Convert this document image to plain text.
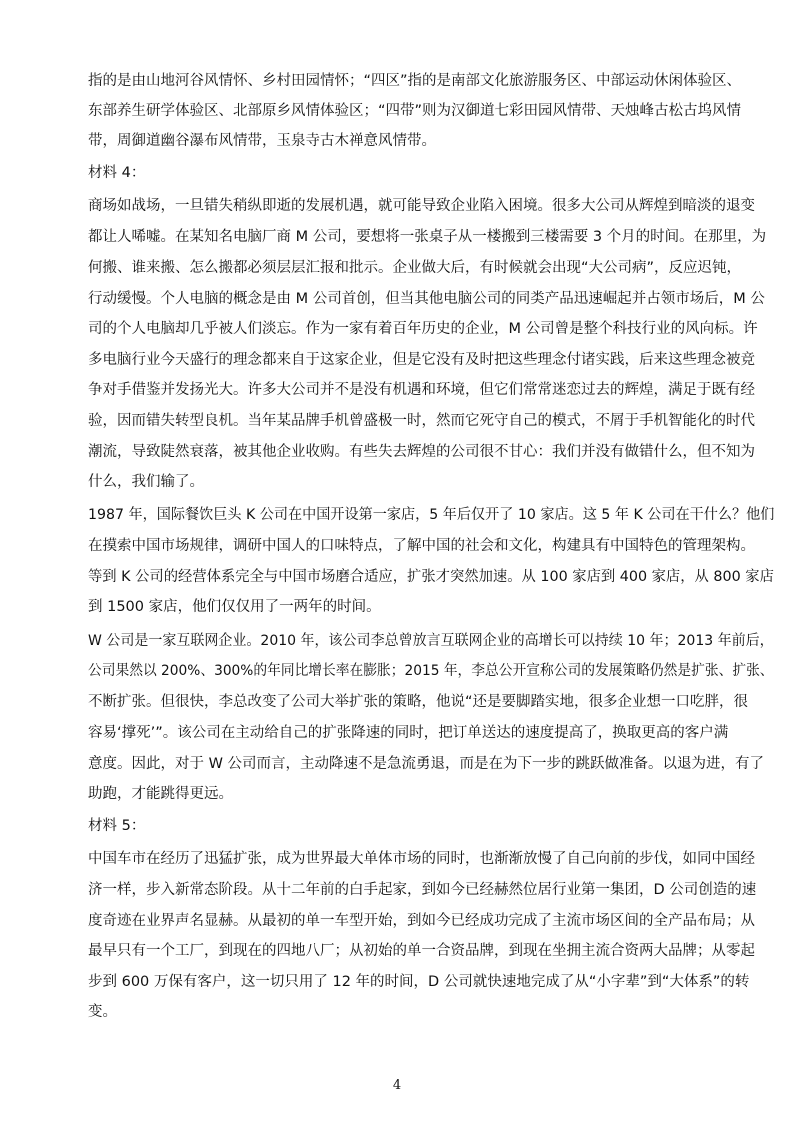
指的是由山地河谷风情怀、乡村田园情怀；“四区”指的是南部文化旅游服务区、中部运动休闲体验区、
东部养生研学体验区、北部原乡风情体验区；“四带”则为汉御道七彩田园风情带、天烛峰古松古坞风情
带，周御道幽谷瀑布风情带，玉泉寺古木禅意风情带。
材料 4：
商场如战场，一旦错失稍纵即逝的发展机遇，就可能导致企业陷入困境。很多大公司从辉煌到暗淡的退变
都让人唏嘘。在某知名电脑厂商 M 公司，要想将一张桌子从一楼搬到三楼需要 3 个月的时间。在那里，为
何搬、谁来搬、怎么搬都必须层层汇报和批示。企业做大后，有时候就会出现“大公司病”，反应迟钝，
行动缓慢。个人电脑的概念是由 M 公司首创，但当其他电脑公司的同类产品迅速崛起并占领市场后，M 公
司的个人电脑却几乎被人们淡忘。作为一家有着百年历史的企业，M 公司曾是整个科技行业的风向标。许
多电脑行业今天盛行的理念都来自于这家企业，但是它没有及时把这些理念付诸实践，后来这些理念被竞
争对手借鉴并发扬光大。许多大公司并不是没有机遇和环境，但它们常常迷恋过去的辉煌，满足于既有经
验，因而错失转型良机。当年某品牌手机曾盛极一时，然而它死守自己的模式，不屑于手机智能化的时代
潮流，导致陡然衰落，被其他企业收购。有些失去辉煌的公司很不甘心：我们并没有做错什么，但不知为
什么，我们输了。
1987 年，国际餐饮巨头 K 公司在中国开设第一家店，5 年后仅开了 10 家店。这 5 年 K 公司在干什么？他们
在摸索中国市场规律，调研中国人的口味特点，了解中国的社会和文化，构建具有中国特色的管理架构。
等到 K 公司的经营体系完全与中国市场磨合适应，扩张才突然加速。从 100 家店到 400 家店，从 800 家店
到 1500 家店，他们仅仅用了一两年的时间。
W 公司是一家互联网企业。2010 年，该公司李总曾放言互联网企业的高增长可以持续 10 年；2013 年前后，
公司果然以 200%、300%的年同比增长率在膨胀；2015 年，李总公开宣称公司的发展策略仍然是扩张、扩张、
不断扩张。但很快，李总改变了公司大举扩张的策略，他说“还是要脚踏实地，很多企业想一口吃胖，很
容易‘撑死’”。该公司在主动给自己的扩张降速的同时，把订单送达的速度提高了，换取更高的客户满
意度。因此，对于 W 公司而言，主动降速不是急流勇退，而是在为下一步的跳跃做准备。以退为进，有了
助跑，才能跳得更远。
材料 5：
中国车市在经历了迅猛扩张，成为世界最大单体市场的同时，也渐渐放慢了自己向前的步伐，如同中国经
济一样，步入新常态阶段。从十二年前的白手起家，到如今已经赫然位居行业第一集团，D 公司创造的速
度奇迹在业界声名显赫。从最初的单一车型开始，到如今已经成功完成了主流市场区间的全产品布局；从
最早只有一个工厂，到现在的四地八厂；从初始的单一合资品牌，到现在坐拥主流合资两大品牌；从零起
步到 600 万保有客户，这一切只用了 12 年的时间，D 公司就快速地完成了从“小字辈”到“大体系”的转
变。
4
